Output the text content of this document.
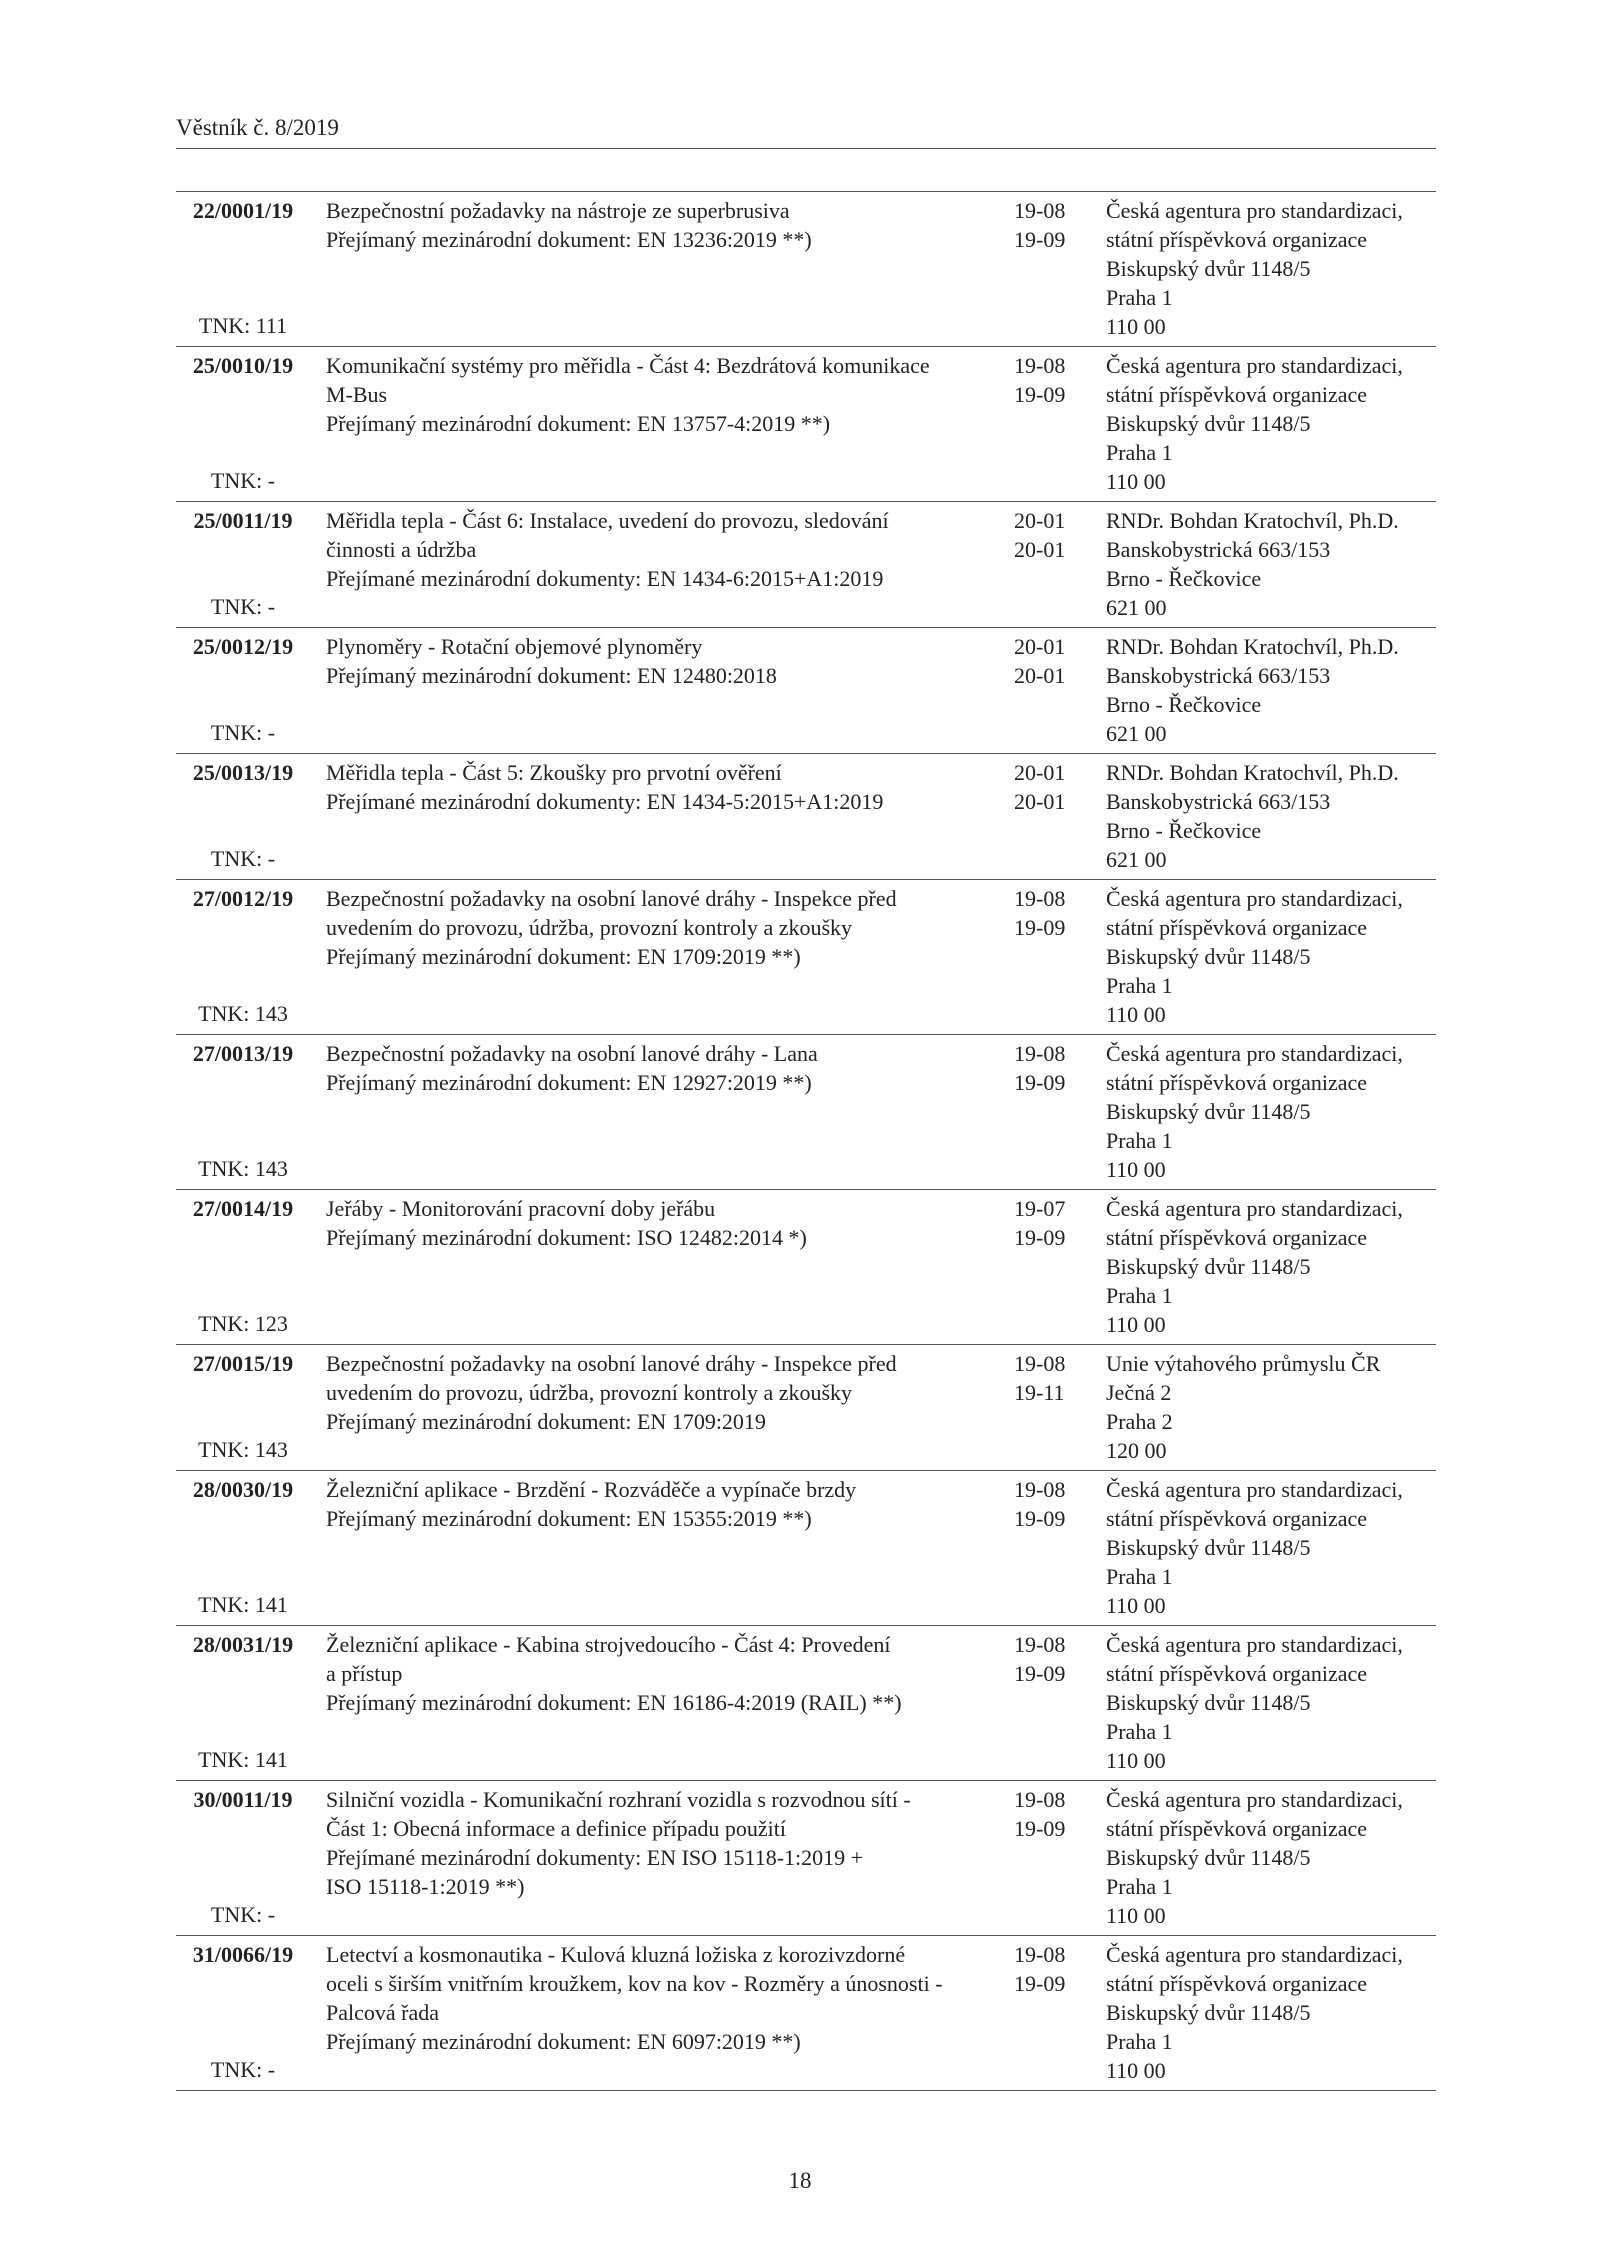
Věstník č. 8/2019
22/0001/19
TNK: 111
Bezpečnostní požadavky na nástroje ze superbrusiva
Přejímaný mezinárodní dokument: EN 13236:2019 **)
19-08
19-09
Česká agentura pro standardizaci,
státní příspěvková organizace
Biskupský dvůr 1148/5
Praha 1
110 00
25/0010/19
TNK: -
Komunikační systémy pro měřidla - Část 4: Bezdrátová komunikace
M-Bus
Přejímaný mezinárodní dokument: EN 13757-4:2019 **)
19-08
19-09
Česká agentura pro standardizaci,
státní příspěvková organizace
Biskupský dvůr 1148/5
Praha 1
110 00
25/0011/19
TNK: -
Měřidla tepla - Část 6: Instalace, uvedení do provozu, sledování
činnosti a údržba
Přejímané mezinárodní dokumenty: EN 1434-6:2015+A1:2019
20-01
20-01
RNDr. Bohdan Kratochvíl, Ph.D.
Banskobystrická 663/153
Brno - Řečkovice
621 00
25/0012/19
TNK: -
Plynoměry - Rotační objemové plynoměry
Přejímaný mezinárodní dokument: EN 12480:2018
20-01
20-01
RNDr. Bohdan Kratochvíl, Ph.D.
Banskobystrická 663/153
Brno - Řečkovice
621 00
25/0013/19
TNK: -
Měřidla tepla - Část 5: Zkoušky pro prvotní ověření
Přejímané mezinárodní dokumenty: EN 1434-5:2015+A1:2019
20-01
20-01
RNDr. Bohdan Kratochvíl, Ph.D.
Banskobystrická 663/153
Brno - Řečkovice
621 00
27/0012/19
TNK: 143
Bezpečnostní požadavky na osobní lanové dráhy - Inspekce před
uvedením do provozu, údržba, provozní kontroly a zkoušky
Přejímaný mezinárodní dokument: EN 1709:2019 **)
19-08
19-09
Česká agentura pro standardizaci,
státní příspěvková organizace
Biskupský dvůr 1148/5
Praha 1
110 00
27/0013/19
TNK: 143
Bezpečnostní požadavky na osobní lanové dráhy - Lana
Přejímaný mezinárodní dokument: EN 12927:2019 **)
19-08
19-09
Česká agentura pro standardizaci,
státní příspěvková organizace
Biskupský dvůr 1148/5
Praha 1
110 00
27/0014/19
TNK: 123
Jeřáby - Monitorování pracovní doby jeřábu
Přejímaný mezinárodní dokument: ISO 12482:2014 *)
19-07
19-09
Česká agentura pro standardizaci,
státní příspěvková organizace
Biskupský dvůr 1148/5
Praha 1
110 00
27/0015/19
TNK: 143
Bezpečnostní požadavky na osobní lanové dráhy - Inspekce před
uvedením do provozu, údržba, provozní kontroly a zkoušky
Přejímaný mezinárodní dokument: EN 1709:2019
19-08
19-11
Unie výtahového průmyslu ČR
Ječná 2
Praha 2
120 00
28/0030/19
TNK: 141
Železniční aplikace - Brzdění - Rozváděče a vypínače brzdy
Přejímaný mezinárodní dokument: EN 15355:2019 **)
19-08
19-09
Česká agentura pro standardizaci,
státní příspěvková organizace
Biskupský dvůr 1148/5
Praha 1
110 00
28/0031/19
TNK: 141
Železniční aplikace - Kabina strojvedoucího - Část 4: Provedení
a přístup
Přejímaný mezinárodní dokument: EN 16186-4:2019 (RAIL) **)
19-08
19-09
Česká agentura pro standardizaci,
státní příspěvková organizace
Biskupský dvůr 1148/5
Praha 1
110 00
30/0011/19
TNK: -
Silniční vozidla - Komunikační rozhraní vozidla s rozvodnou sítí -
Část 1: Obecná informace a definice případu použití
Přejímané mezinárodní dokumenty: EN ISO 15118-1:2019 +
ISO 15118-1:2019 **)
19-08
19-09
Česká agentura pro standardizaci,
státní příspěvková organizace
Biskupský dvůr 1148/5
Praha 1
110 00
31/0066/19
TNK: -
Letectví a kosmonautika - Kulová kluzná ložiska z korozivzdorné
oceli s širším vnitřním kroužkem, kov na kov - Rozměry a únosnosti -
Palcová řada
Přejímaný mezinárodní dokument: EN 6097:2019 **)
19-08
19-09
Česká agentura pro standardizaci,
státní příspěvková organizace
Biskupský dvůr 1148/5
Praha 1
110 00
18
